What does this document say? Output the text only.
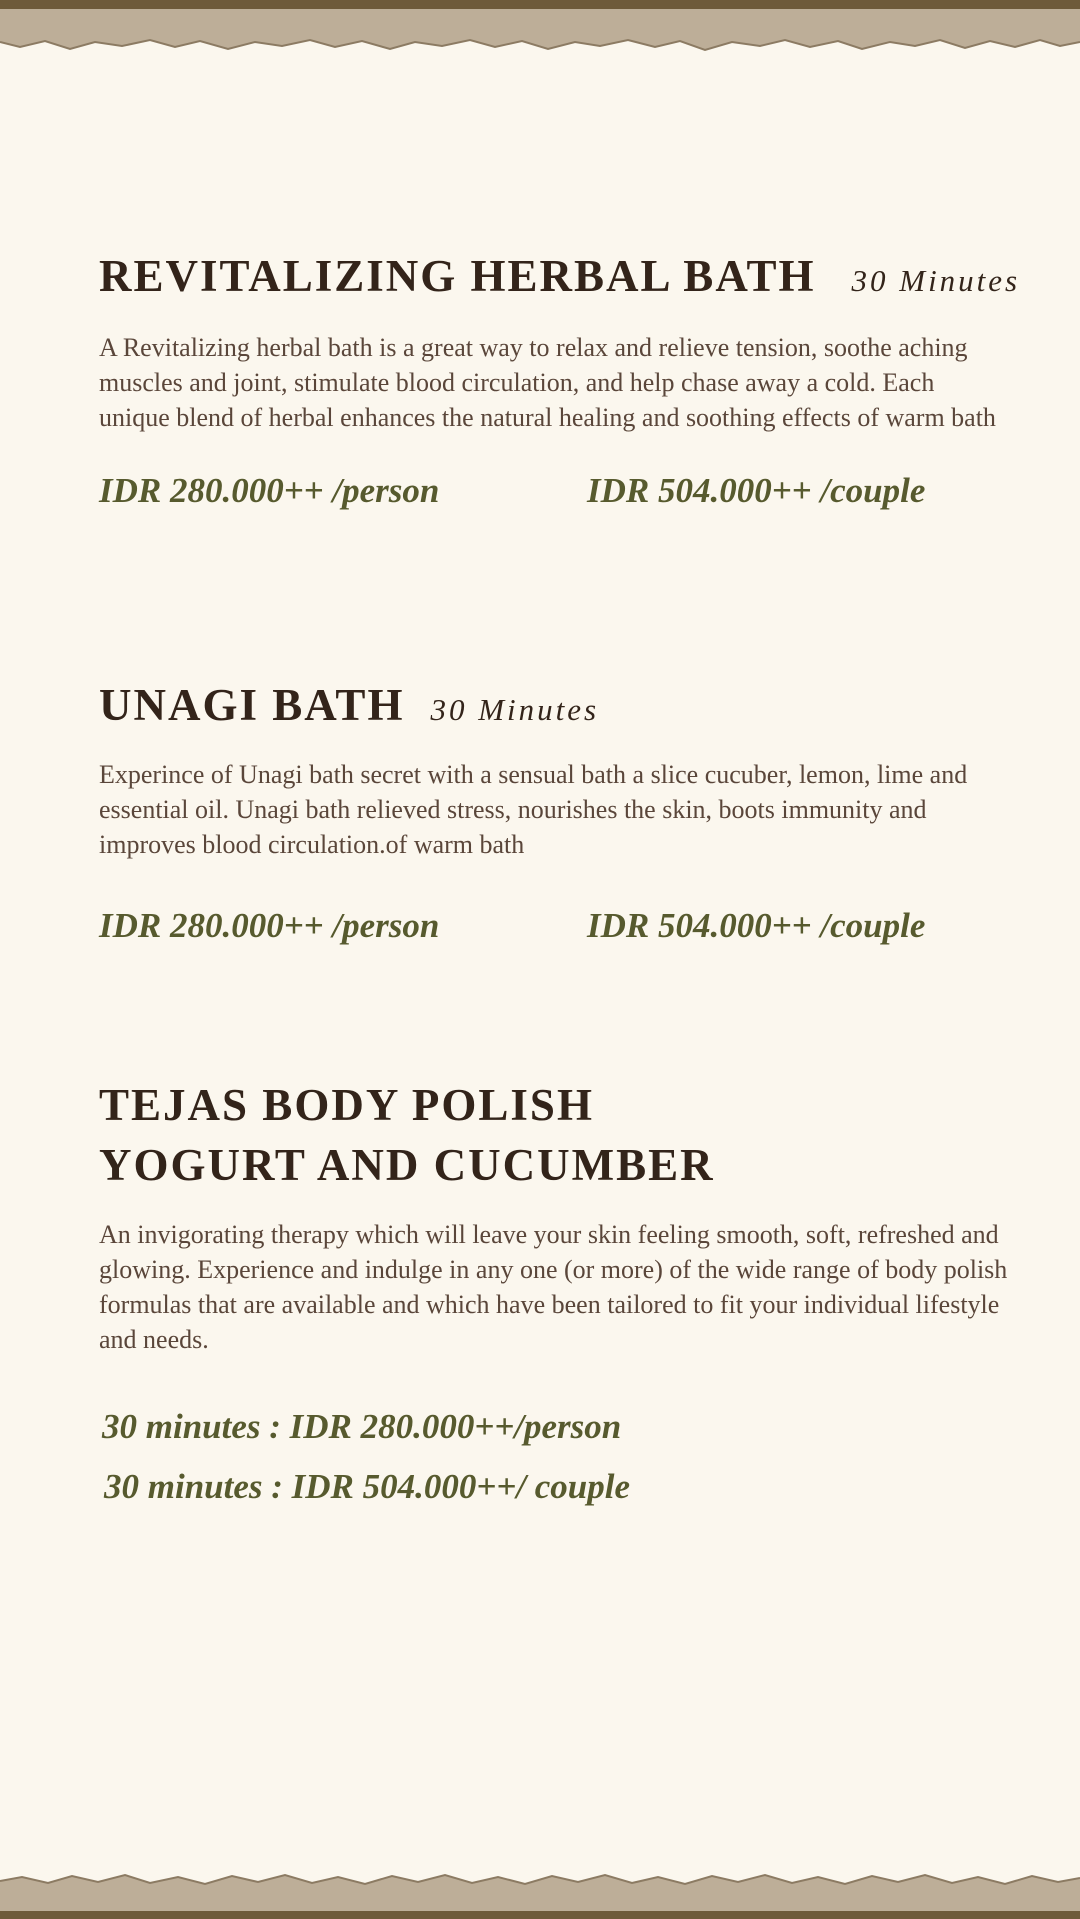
REVITALIZING HERBAL BATH 30 Minutes

A Revitalizing herbal bath is a great way to relax and relieve tension, soothe aching muscles and joint, stimulate blood circulation, and help chase away a cold. Each unique blend of herbal enhances the natural healing and soothing effects of warm bath

IDR 280.000++ /person	IDR 504.000++ /couple
UNAGI BATH 30 Minutes

Experince of Unagi bath secret with a sensual bath a slice cucuber, lemon, lime and essential oil. Unagi bath relieved stress, nourishes the skin, boots immunity and improves blood circulation.of warm bath

IDR 280.000++ /person	IDR 504.000++ /couple
TEJAS BODY POLISH
YOGURT AND CUCUMBER

An invigorating therapy which will leave your skin feeling smooth, soft, refreshed and glowing. Experience and indulge in any one (or more) of the wide range of body polish formulas that are available and which have been tailored to fit your individual lifestyle and needs.

30 minutes : IDR 280.000++/person
30 minutes : IDR 504.000++/ couple
